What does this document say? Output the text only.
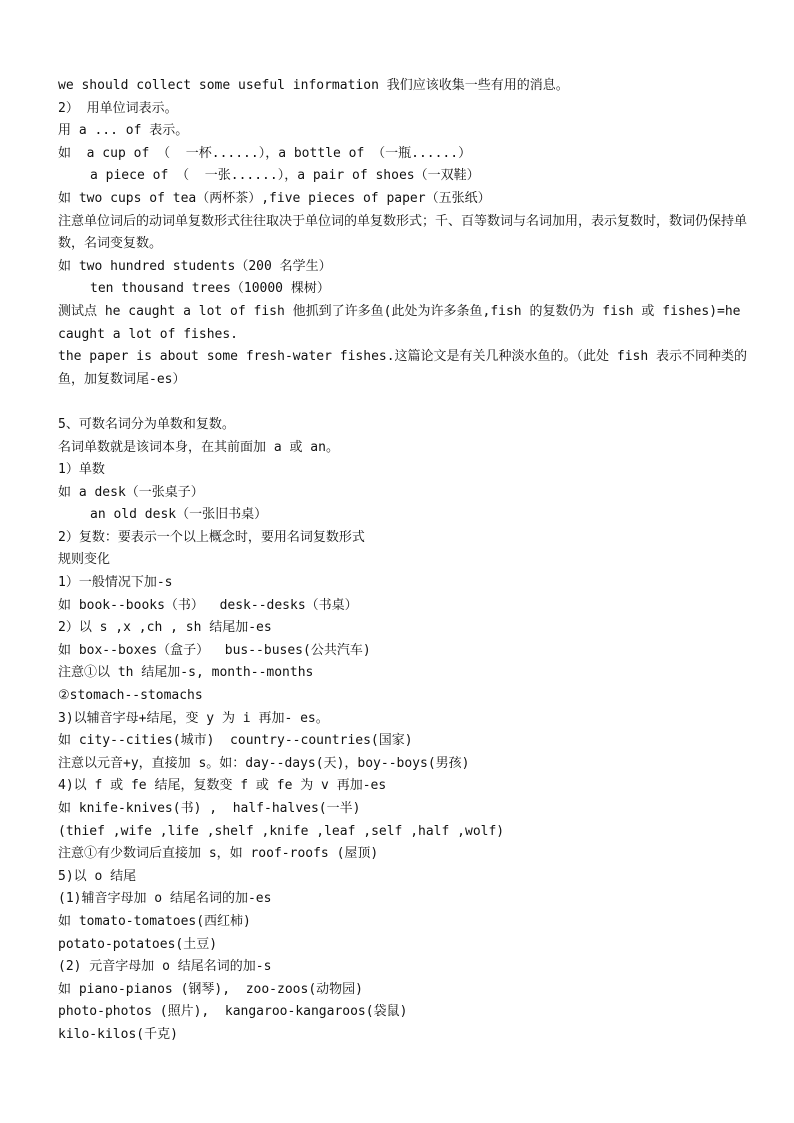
we should collect some useful information 我们应该收集一些有用的消息。
2） 用单位词表示。
用 a ... of 表示。
如  a cup of （  一杯......），a bottle of （一瓶......）
a piece of （  一张......），a pair of shoes（一双鞋）
如 two cups of tea（两杯茶）,five pieces of paper（五张纸）
注意单位词后的动词单复数形式往往取决于单位词的单复数形式；千、百等数词与名词加用，表示复数时，数词仍保持单数，名词变复数。
如 two hundred students（200 名学生）
ten thousand trees（10000 棵树）
测试点 he caught a lot of fish 他抓到了许多鱼(此处为许多条鱼,fish 的复数仍为 fish 或 fishes)=he caught a lot of fishes.
the paper is about some fresh-water fishes.这篇论文是有关几种淡水鱼的。（此处 fish 表示不同种类的鱼，加复数词尾-es）
5、可数名词分为单数和复数。
名词单数就是该词本身，在其前面加 a 或 an。
1）单数
如 a desk（一张桌子）
an old desk（一张旧书桌）
2）复数：要表示一个以上概念时，要用名词复数形式
规则变化
1）一般情况下加-s
如 book--books（书）  desk--desks（书桌）
2）以 s ,x ,ch , sh 结尾加-es
如 box--boxes（盒子）  bus--buses(公共汽车)
注意①以 th 结尾加-s, month--months
②stomach--stomachs
3)以辅音字母+结尾，变 y 为 i 再加- es。
如 city--cities(城市)  country--countries(国家)
注意以元音+y，直接加 s。如：day--days(天)，boy--boys(男孩)
4)以 f 或 fe 结尾，复数变 f 或 fe 为 v 再加-es
如 knife-knives(书) ,  half-halves(一半)
(thief ,wife ,life ,shelf ,knife ,leaf ,self ,half ,wolf)
注意①有少数词后直接加 s，如 roof-roofs (屋顶)
5)以 o 结尾
(1)辅音字母加 o 结尾名词的加-es
如 tomato-tomatoes(西红柿)
potato-potatoes(土豆)
(2) 元音字母加 o 结尾名词的加-s
如 piano-pianos (钢琴),  zoo-zoos(动物园)
photo-photos (照片),  kangaroo-kangaroos(袋鼠)
kilo-kilos(千克)
